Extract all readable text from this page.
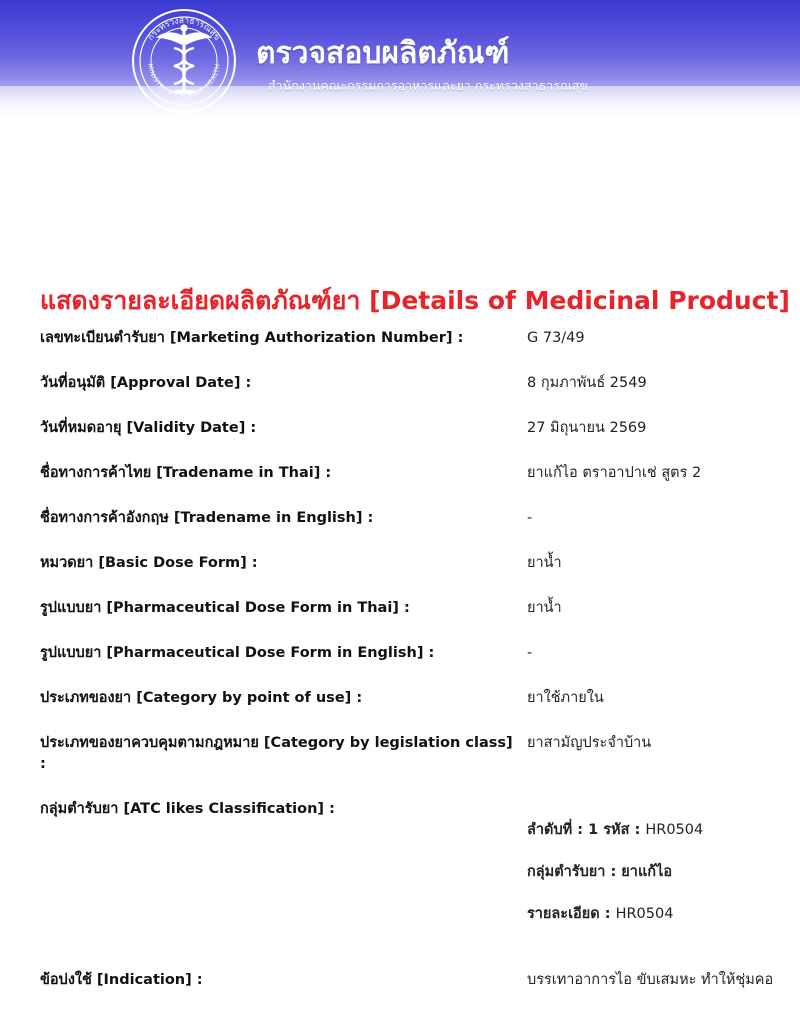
กระทรวงสาธารณสุข
MINISTRY OF PUBLIC HEALTH ตรวจสอบผลิตภัณฑ์
สำนักงานคณะกรรมการอาหารและยา กระทรวงสาธารณสุข
แสดงรายละเอียดผลิตภัณฑ์ยา [Details of Medicinal Product]
เลขทะเบียนตำรับยา [Marketing Authorization Number] :	G 73/49
วันที่อนุมัติ [Approval Date] :	8 กุมภาพันธ์ 2549
วันที่หมดอายุ [Validity Date] :	27 มิถุนายน 2569
ชื่อทางการค้าไทย [Tradename in Thai] :	ยาแก้ไอ ตราอาปาเช่ สูตร 2
ชื่อทางการค้าอังกฤษ [Tradename in English] :	-
หมวดยา [Basic Dose Form] :	ยาน้ำ
รูปแบบยา [Pharmaceutical Dose Form in Thai] :	ยาน้ำ
รูปแบบยา [Pharmaceutical Dose Form in English] :	-
ประเภทของยา [Category by point of use] :	ยาใช้ภายใน
ประเภทของยาควบคุมตามกฎหมาย [Category by legislation class] :	ยาสามัญประจำบ้าน
กลุ่มตำรับยา [ATC likes Classification] :	ลำดับที่ : 1 รหัส : HR0504

กลุ่มตำรับยา : ยาแก้ไอ

รายละเอียด : HR0504

ข้อบ่งใช้ [Indication] :	บรรเทาอาการไอ ขับเสมหะ ทำให้ชุ่มคอ
